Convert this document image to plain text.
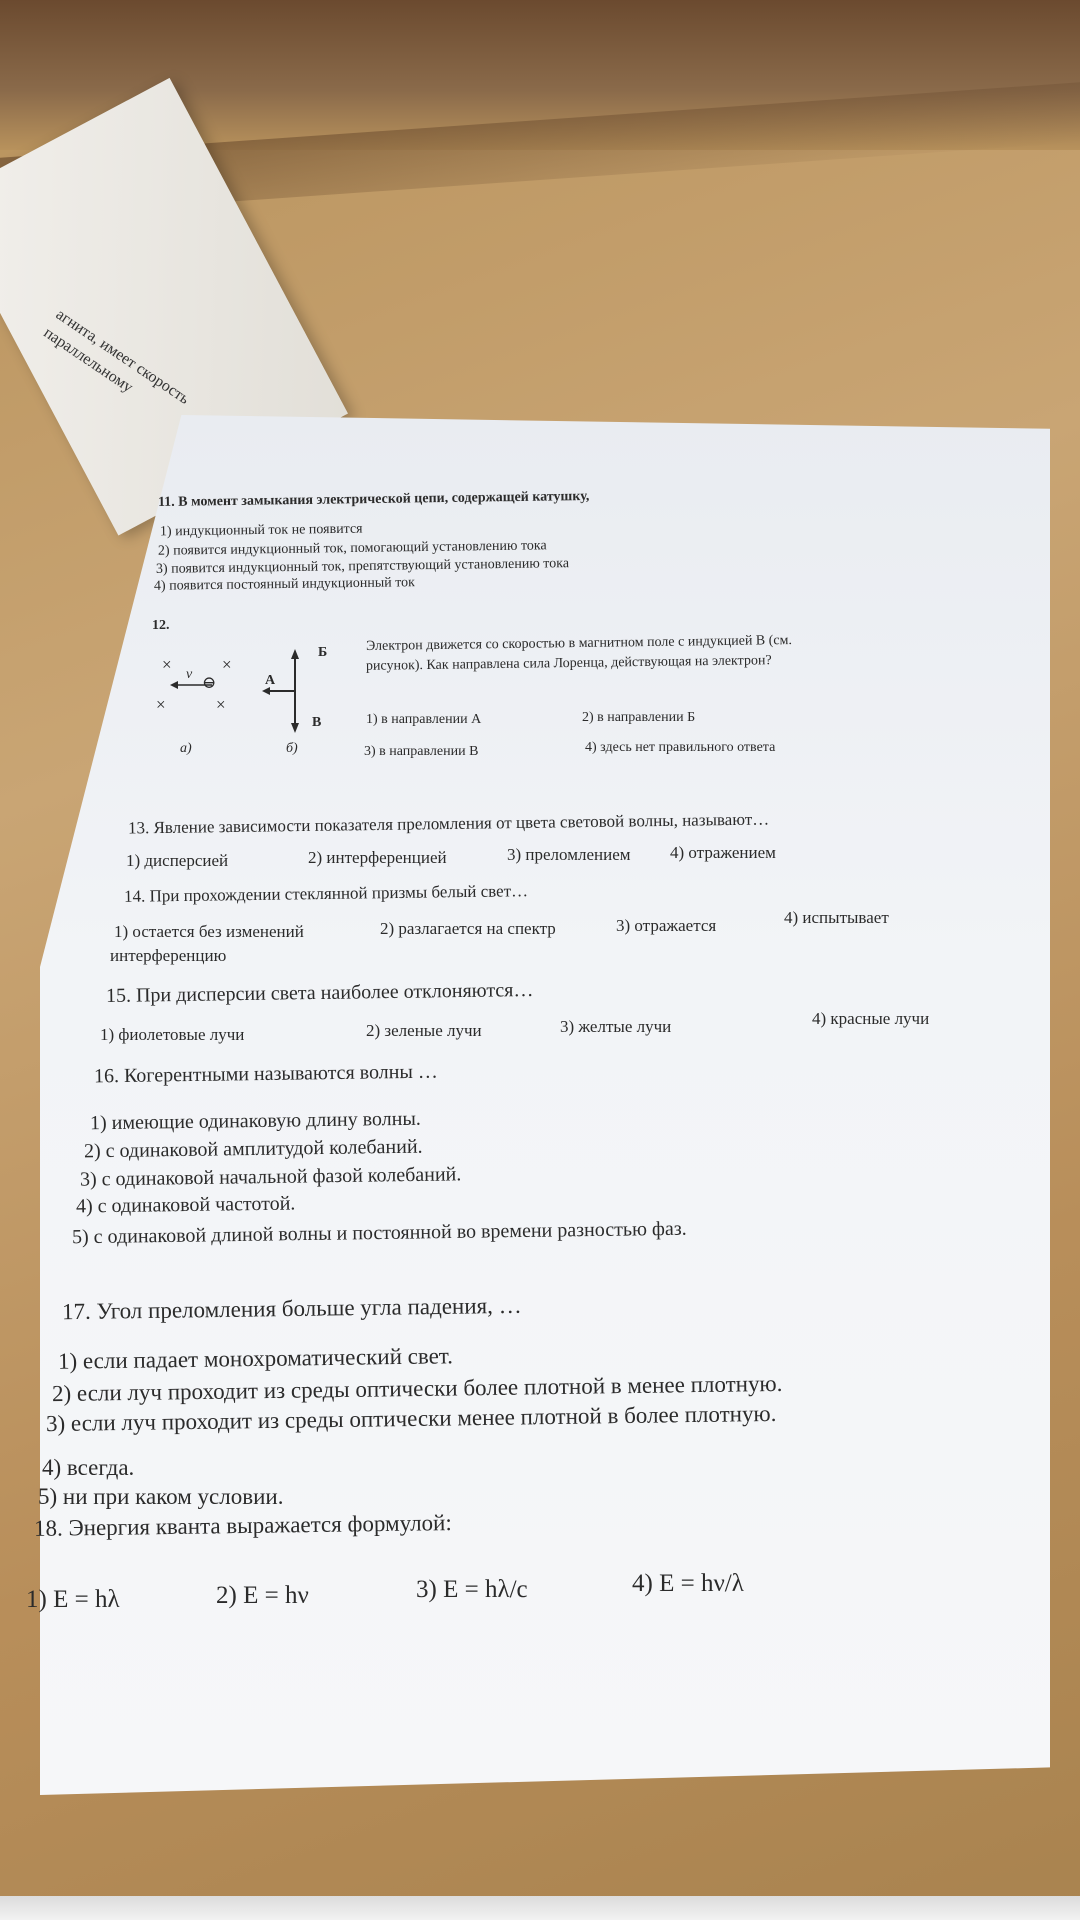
агнита, имеет скорость параллельному
11. В момент замыкания электрической цепи, содержащей катушку,
1) индукционный ток не появится
2) появится индукционный ток, помогающий установлению тока
3) появится индукционный ток, препятствующий установлению тока
4) появится постоянный индукционный ток
12.
Электрон движется со скоростью в магнитном поле с индукцией В (см.
рисунок). Как направлена сила Лоренца, действующая на электрон?
1) в направлении А	2) в направлении Б
3) в направлении В	4) здесь нет правильного ответа
×	×
×	×
v ⊖	А
Б
В
а)	б)
13. Явление зависимости показателя преломления от цвета световой волны, называют…
1) дисперсией	2) интерференцией	3) преломлением 4) отражением
14. При прохождении стеклянной призмы белый свет…
1) остается без изменений	2) разлагается на спектр	3) отражается	4) испытывает
интерференцию
15. При дисперсии света наиболее отклоняются…
1) фиолетовые лучи	2) зеленые лучи	3) желтые лучи	4) красные лучи
16. Когерентными называются волны …
1) имеющие одинаковую длину волны.
2) с одинаковой амплитудой колебаний.
3) с одинаковой начальной фазой колебаний.
4) с одинаковой частотой.
5) с одинаковой длиной волны и постоянной во времени разностью фаз.
17. Угол преломления больше угла падения, …
1) если падает монохроматический свет.
2) если луч проходит из среды оптически более плотной в менее плотную.
3) если луч проходит из среды оптически менее плотной в более плотную.
4) всегда.
5) ни при каком условии.
18. Энергия кванта выражается формулой:
1) E = hλ	2) E = hν	3) E = hλ/c	4) E = hν/λ
